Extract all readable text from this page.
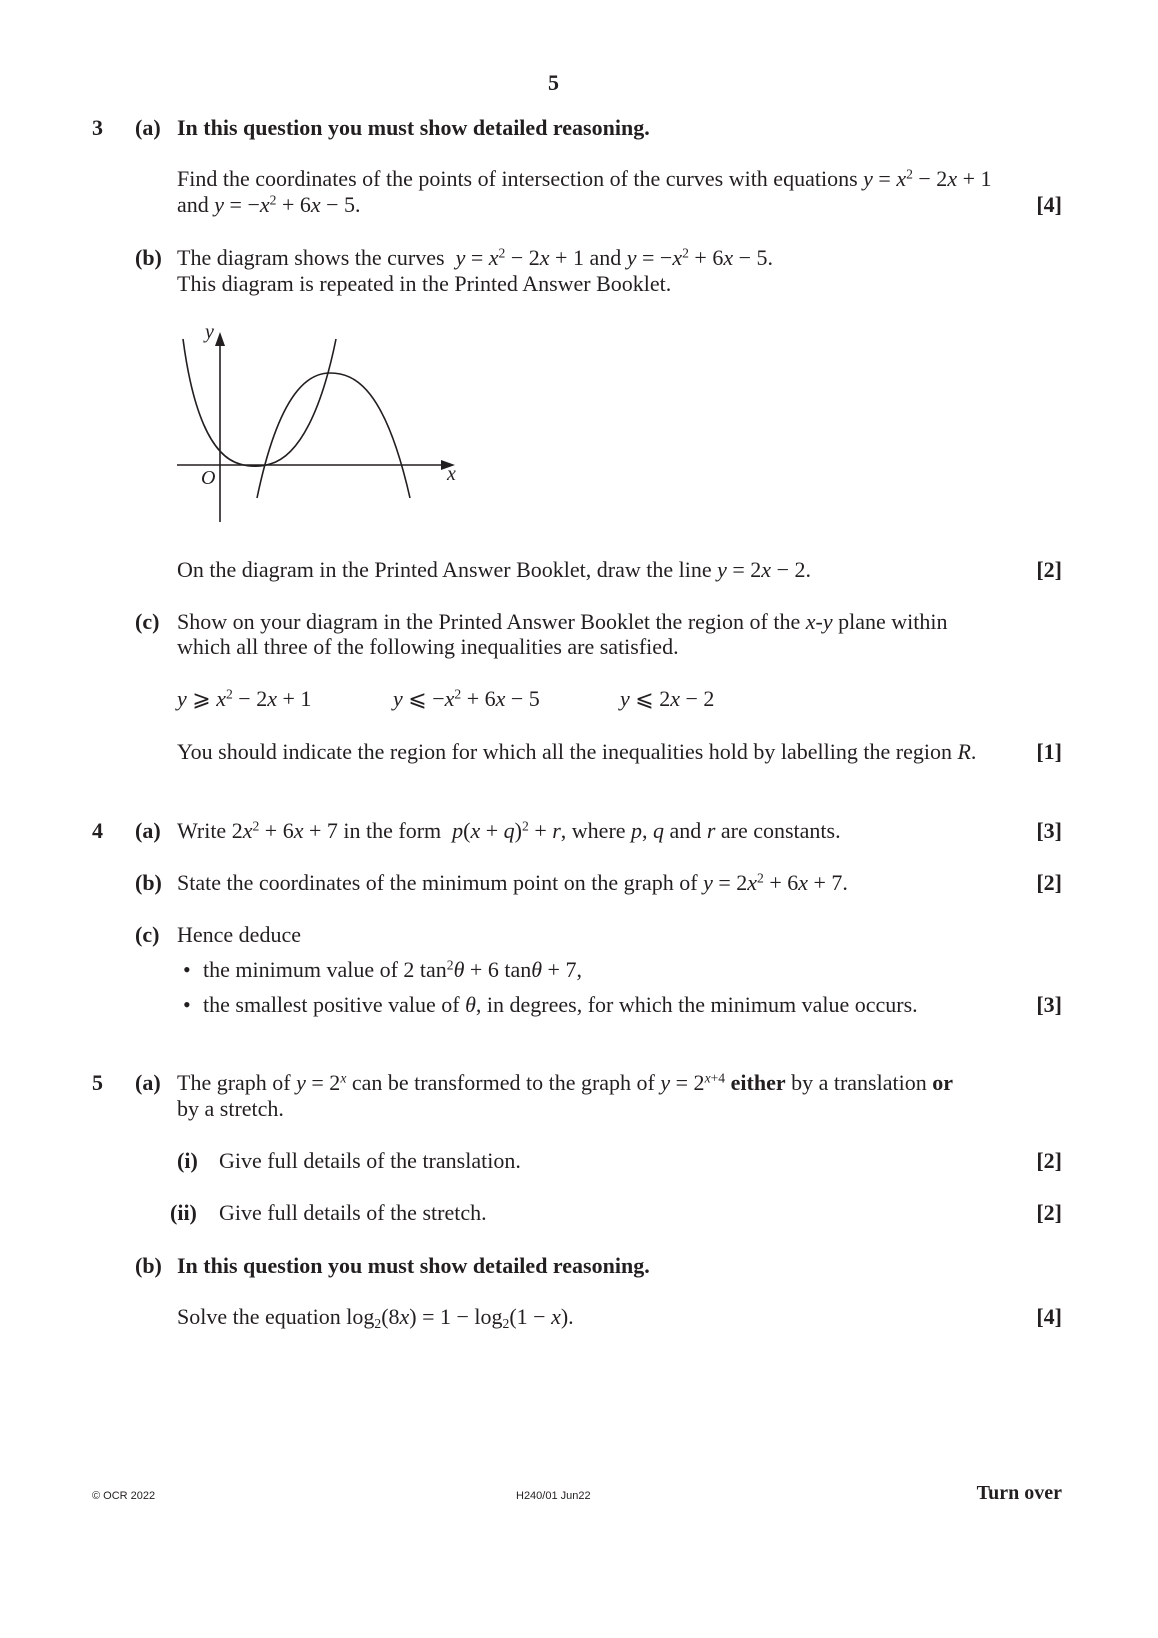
5
3 (a) In this question you must show detailed reasoning.
Find the coordinates of the points of intersection of the curves with equations $y = x^2 - 2x + 1$
and $y = -x^2 + 6x - 5$.	[4]
(b) The diagram shows the curves $y = x^2 - 2x + 1$ and $y = -x^2 + 6x - 5$.
This diagram is repeated in the Printed Answer Booklet.
y
x
O
On the diagram in the Printed Answer Booklet, draw the line y = 2x − 2.	[2]
(c) Show on your diagram in the Printed Answer Booklet the region of the x-y plane within
which all three of the following inequalities are satisfied.
y ⩾ $x^2 - 2x + 1$	y ⩽ $-x^2 + 6x - 5$	y ⩽ 2x − 2
You should indicate the region for which all the inequalities hold by labelling the region R.	[1]
4 (a) Write $2x^2 + 6x + 7$ in the form $p(x + q)^2 + r$, where p, q and r are constants.	[3]
(b) State the coordinates of the minimum point on the graph of $y = 2x^2 + 6x + 7$.	[2]
(c) Hence deduce
• the minimum value of 2 $\tan^2\theta + 6$ tanθ + 7,
• the smallest positive value of θ, in degrees, for which the minimum value occurs.	[3]
5 (a) The graph of $y = 2^x$ can be transformed to the graph of $y = 2^{x+4}$ either by a translation or
by a stretch.
(i) Give full details of the translation.	[2]
(ii) Give full details of the stretch.	[2]
(b) In this question you must show detailed reasoning.
Solve the equation $\log_2(8x) = 1 - \log_2(1 - x)$.	[4]
© OCR 2022	H240/01 Jun22	Turn over
